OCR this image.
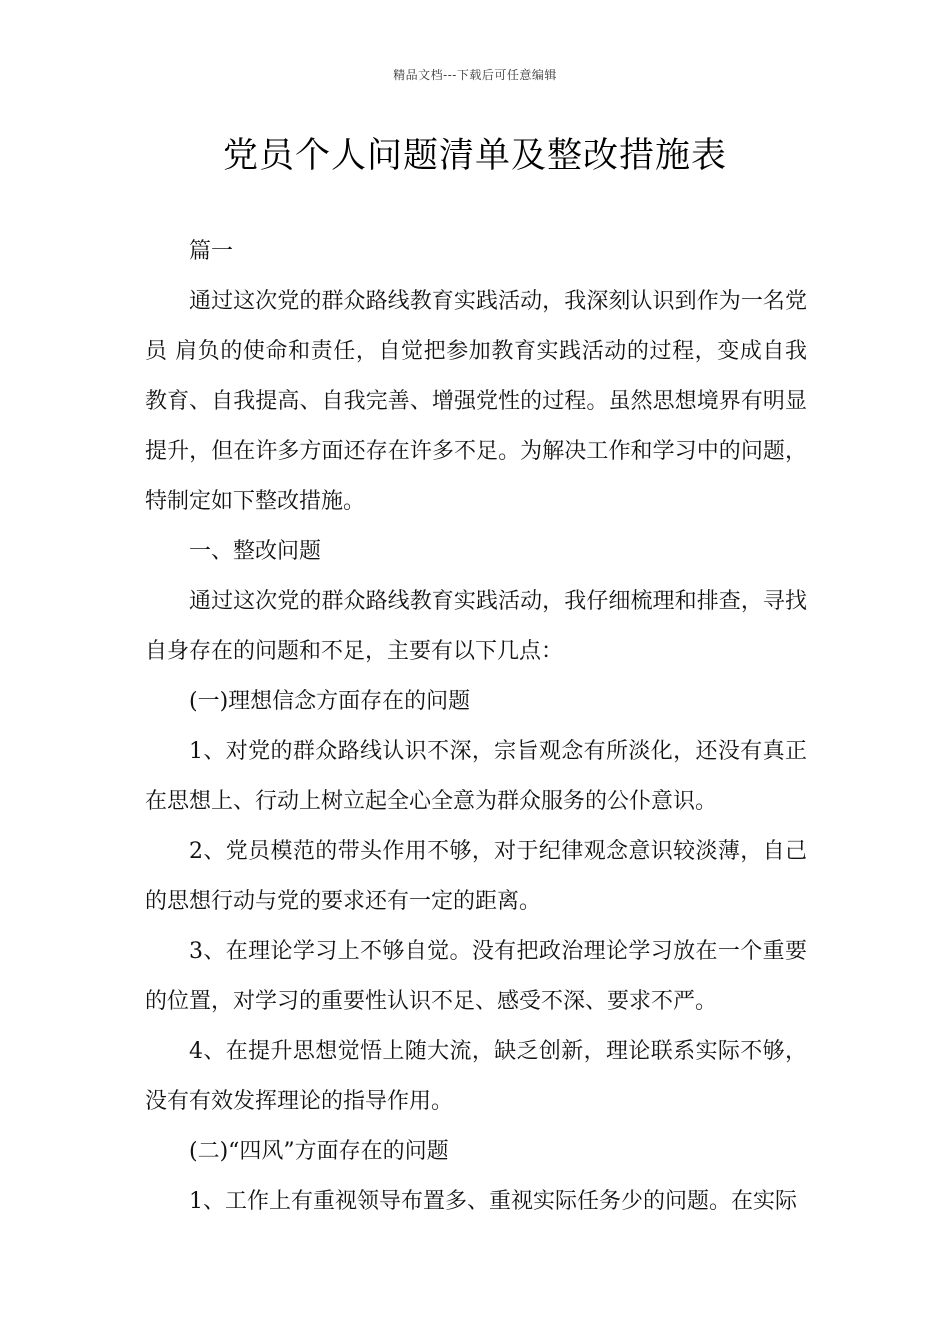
精品文档---下载后可任意编辑
党员个人问题清单及整改措施表

篇一

通过这次党的群众路线教育实践活动，我深刻认识到作为一名党员 肩负的使命和责任，自觉把参加教育实践活动的过程，变成自我教育、自我提高、自我完善、增强党性的过程。虽然思想境界有明显提升，但在许多方面还存在许多不足。为解决工作和学习中的问题，特制定如下整改措施。

一、整改问题

通过这次党的群众路线教育实践活动，我仔细梳理和排查，寻找自身存在的问题和不足，主要有以下几点：

(一)理想信念方面存在的问题

1、对党的群众路线认识不深，宗旨观念有所淡化，还没有真正在思想上、行动上树立起全心全意为群众服务的公仆意识。

2、党员模范的带头作用不够，对于纪律观念意识较淡薄，自己的思想行动与党的要求还有一定的距离。

3、在理论学习上不够自觉。没有把政治理论学习放在一个重要的位置，对学习的重要性认识不足、感受不深、要求不严。

4、在提升思想觉悟上随大流，缺乏创新，理论联系实际不够，没有有效发挥理论的指导作用。

(二)“四风”方面存在的问题

1、工作上有重视领导布置多、重视实际任务少的问题。在实际
